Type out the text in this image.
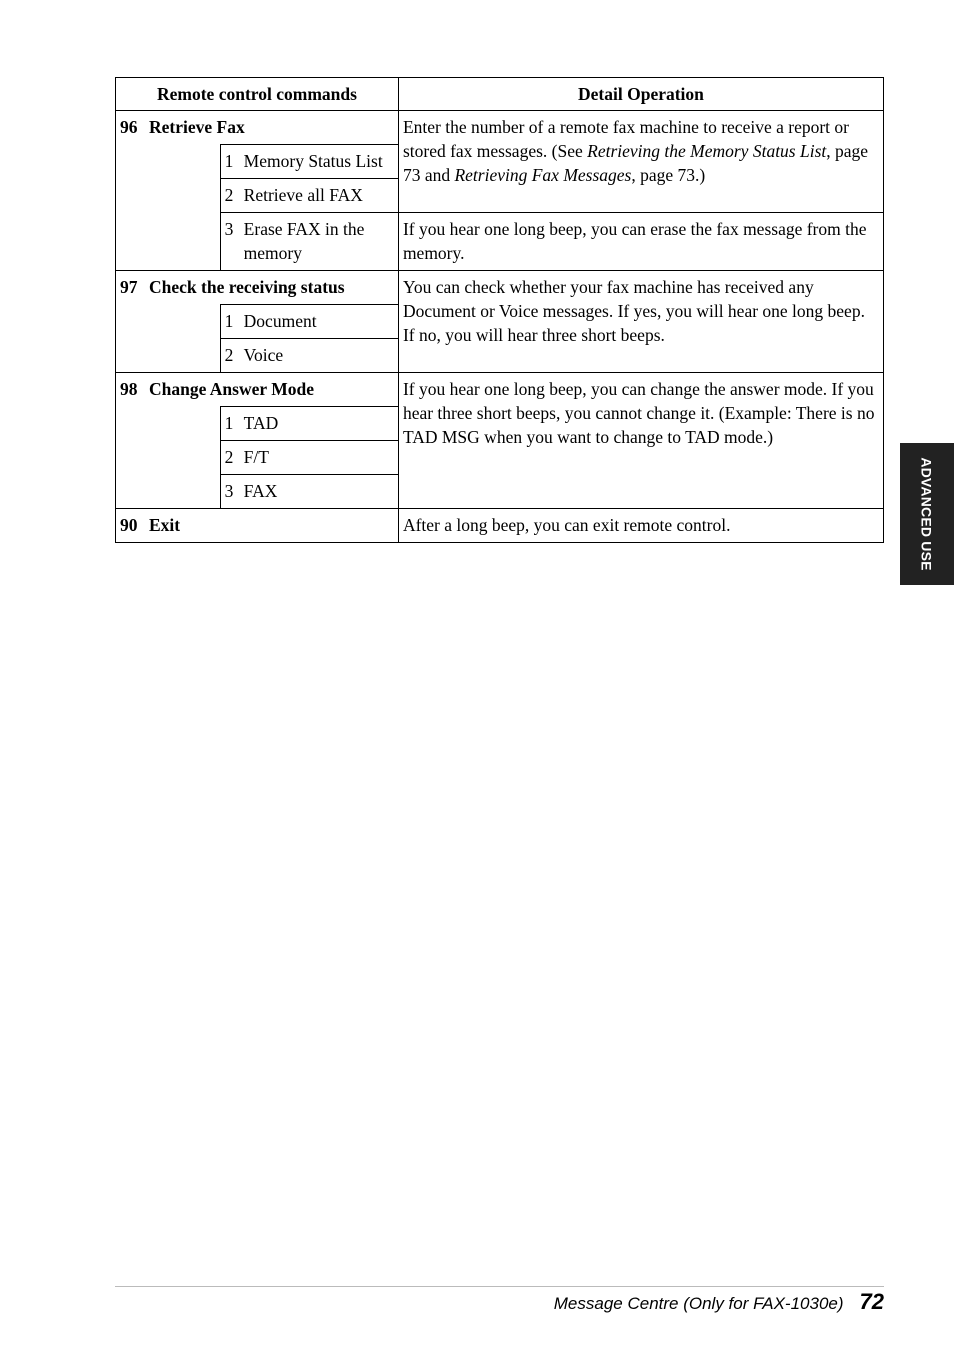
Remote control commands		Detail Operation
96 Retrieve Fax		Enter the number of a remote fax machine to receive a report or stored fax messages. (See Retrieving the Memory Status List, page 73 and Retrieving Fax Messages, page 73.)

	1 Memory Status List	

	2 Retrieve all FAX	

	3 Erase FAX in the memory	If you hear one long beep, you can erase the fax message from the memory.
97 Check the receiving status		You can check whether your fax machine has received any Document or Voice messages. If yes, you will hear one long beep. If no, you will hear three short beeps.

	1 Document	

	2 Voice	

98 Change Answer Mode		If you hear one long beep, you can change the answer mode. If you hear three short beeps, you cannot change it. (Example: There is no TAD MSG when you want to change to TAD mode.)

	1 TAD	

	2 F/T	

	3 FAX	

90 Exit		After a long beep, you can exit remote control.	ADVANCED USE
Message Centre (Only for FAX-1030e) 72
